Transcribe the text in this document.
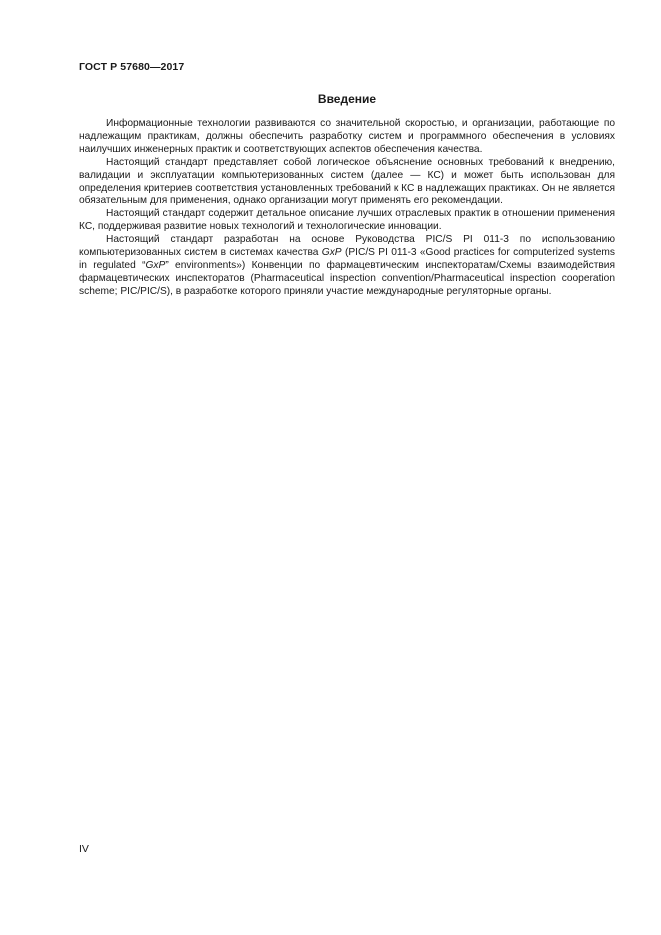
ГОСТ Р 57680—2017
Введение

Информационные технологии развиваются со значительной скоростью, и организации, работающие по надлежащим практикам, должны обеспечить разработку систем и программного обеспечения в условиях наилучших инженерных практик и соответствующих аспектов обеспечения качества.

Настоящий стандарт представляет собой логическое объяснение основных требований к внедрению, валидации и эксплуатации компьютеризованных систем (далее — КС) и может быть использован для определения критериев соответствия установленных требований к КС в надлежащих практиках. Он не является обязательным для применения, однако организации могут применять его рекомендации.

Настоящий стандарт содержит детальное описание лучших отраслевых практик в отношении применения КС, поддерживая развитие новых технологий и технологические инновации.

Настоящий стандарт разработан на основе Руководства PIC/S PI 011-3 по использованию компьютеризованных систем в системах качества GxP (PIC/S PI 011-3 «Good practices for computerized systems in regulated “GxP” environments») Конвенции по фармацевтическим инспекторатам/Схемы взаимодействия фармацевтических инспекторатов (Pharmaceutical inspection convention/Pharmaceutical inspection cooperation scheme; PIC/PIC/S), в разработке которого приняли участие международные регуляторные органы.

IV
